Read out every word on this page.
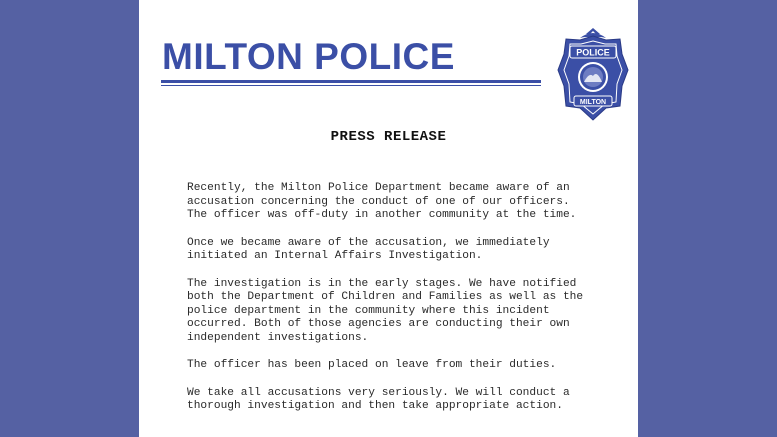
MILTON POLICE	POLICE
MILTON
PRESS RELEASE

Recently, the Milton Police Department became aware of an
accusation concerning the conduct of one of our officers.
The officer was off-duty in another community at the time.

Once we became aware of the accusation, we immediately
initiated an Internal Affairs Investigation.

The investigation is in the early stages. We have notified
both the Department of Children and Families as well as the
police department in the community where this incident
occurred. Both of those agencies are conducting their own
independent investigations.

The officer has been placed on leave from their duties.

We take all accusations very seriously. We will conduct a
thorough investigation and then take appropriate action.
